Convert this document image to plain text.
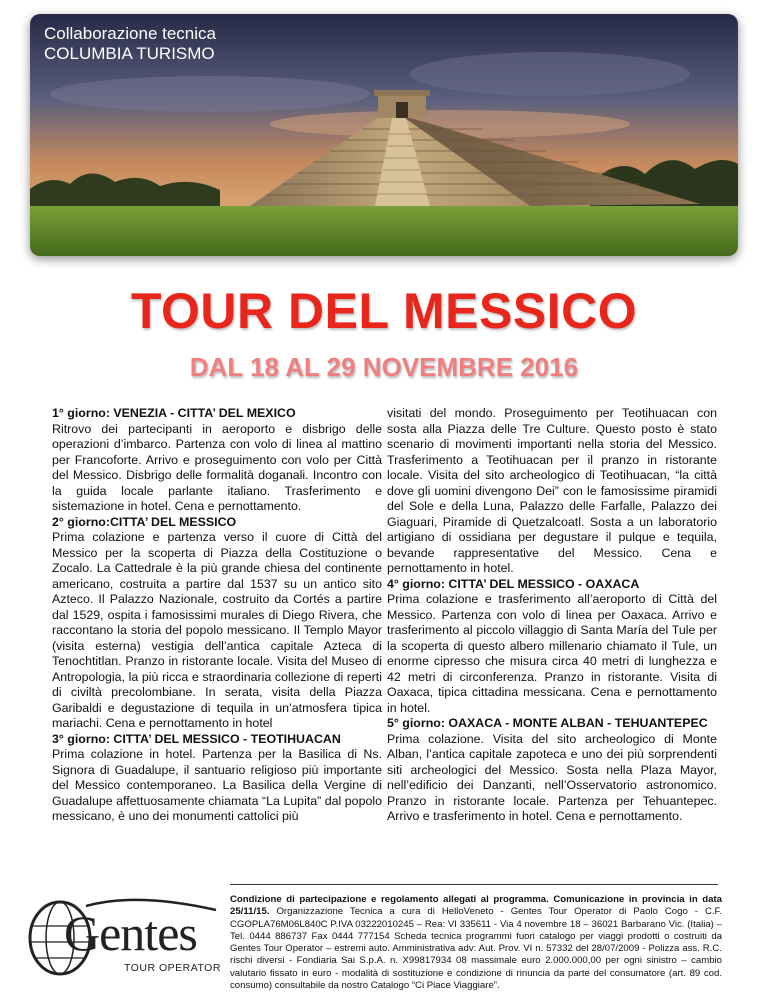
Collaborazione tecnica
COLUMBIA TURISMO
TOUR DEL MESSICO
DAL 18 AL 29 NOVEMBRE 2016
1° giorno: VENEZIA - CITTA’ DEL MEXICO

Ritrovo dei partecipanti in aeroporto e disbrigo delle operazioni d’imbarco. Partenza con volo di linea al mattino per Francoforte. Arrivo e proseguimento con volo per Città del Messico. Disbrigo delle formalità doganali. Incontro con la guida locale parlante italiano. Trasferimento e sistemazione in hotel. Cena e pernottamento.

2° giorno:CITTA’ DEL MESSICO

Prima colazione e partenza verso il cuore di Città del Messico per la scoperta di Piazza della Costituzione o Zocalo. La Cattedrale è la più grande chiesa del continente americano, costruita a partire dal 1537 su un antico sito Azteco. Il Palazzo Nazionale, costruito da Cortés a partire dal 1529, ospita i famosissimi murales di Diego Rivera, che raccontano la storia del popolo messicano. Il Templo Mayor (visita esterna) vestigia dell’antica capitale Azteca di Tenochtitlan. Pranzo in ristorante locale. Visita del Museo di Antropologia, la più ricca e straordinaria collezione di reperti di civiltà precolombiane. In serata, visita della Piazza Garibaldi e degustazione di tequila in un’atmosfera tipica mariachi. Cena e pernottamento in hotel

3° giorno: CITTA’ DEL MESSICO - TEOTIHUACAN

Prima colazione in hotel. Partenza per la Basilica di Ns. Signora di Guadalupe, il santuario religioso più importante del Messico contemporaneo. La Basilica della Vergine di Guadalupe affettuosamente chiamata “La Lupita” dal popolo messicano, è uno dei monumenti cattolici più

visitati del mondo. Proseguimento per Teotihuacan con sosta alla Piazza delle Tre Culture. Questo posto è stato scenario di movimenti importanti nella storia del Messico. Trasferimento a Teotihuacan per il pranzo in ristorante locale. Visita del sito archeologico di Teotihuacan, “la città dove gli uomini divengono Dei” con le famosissime piramidi del Sole e della Luna, Palazzo delle Farfalle, Palazzo dei Giaguari, Piramide di Quetzalcoatl. Sosta a un laboratorio artigiano di ossidiana per degustare il pulque e tequila, bevande rappresentative del Messico. Cena e pernottamento in hotel.

4° giorno: CITTA’ DEL MESSICO - OAXACA

Prima colazione e trasferimento all’aeroporto di Città del Messico. Partenza con volo di linea per Oaxaca. Arrivo e trasferimento al piccolo villaggio di Santa María del Tule per la scoperta di questo albero millenario chiamato il Tule, un enorme cipresso che misura circa 40 metri di lunghezza e 42 metri di circonferenza. Pranzo in ristorante. Visita di Oaxaca, tipica cittadina messicana. Cena e pernottamento in hotel.

5° giorno: OAXACA - MONTE ALBAN - TEHUANTEPEC

Prima colazione. Visita del sito archeologico di Monte Alban, l’antica capitale zapoteca e uno dei più sorprendenti siti archeologici del Messico. Sosta nella Plaza Mayor, nell’edificio dei Danzanti, nell’Osservatorio astronomico. Pranzo in ristorante locale. Partenza per Tehuantepec. Arrivo e trasferimento in hotel. Cena e pernottamento.

Gentes
TOUR OPERATOR
Condizione di partecipazione e regolamento allegati al programma. Comunicazione in provincia in data 25/11/15. Organizzazione Tecnica a cura di HelloVeneto - Gentes Tour Operator di Paolo Cogo - C.F. CGOPLA76M06L840C P.IVA 03222010245 – Rea: VI 335611 - Via 4 novembre 18 – 36021 Barbarano Vic. (Italia) – Tel. 0444 886737 Fax 0444 777154 Scheda tecnica programmi fuori catalogo per viaggi prodotti o costruiti da Gentes Tour Operator – estremi auto. Amministrativa adv: Aut. Prov. VI n. 57332 del 28/07/2009 - Polizza ass. R.C. rischi diversi - Fondiaria Sai S.p.A. n. X99817934 08 massimale euro 2.000.000,00 per ogni sinistro – cambio valutario fissato in euro - modalità di sostituzione e condizione di rinuncia da parte del consumatore (art. 89 cod. consumo) consultabile da nostro Catalogo “Ci Piace Viaggiare”.
